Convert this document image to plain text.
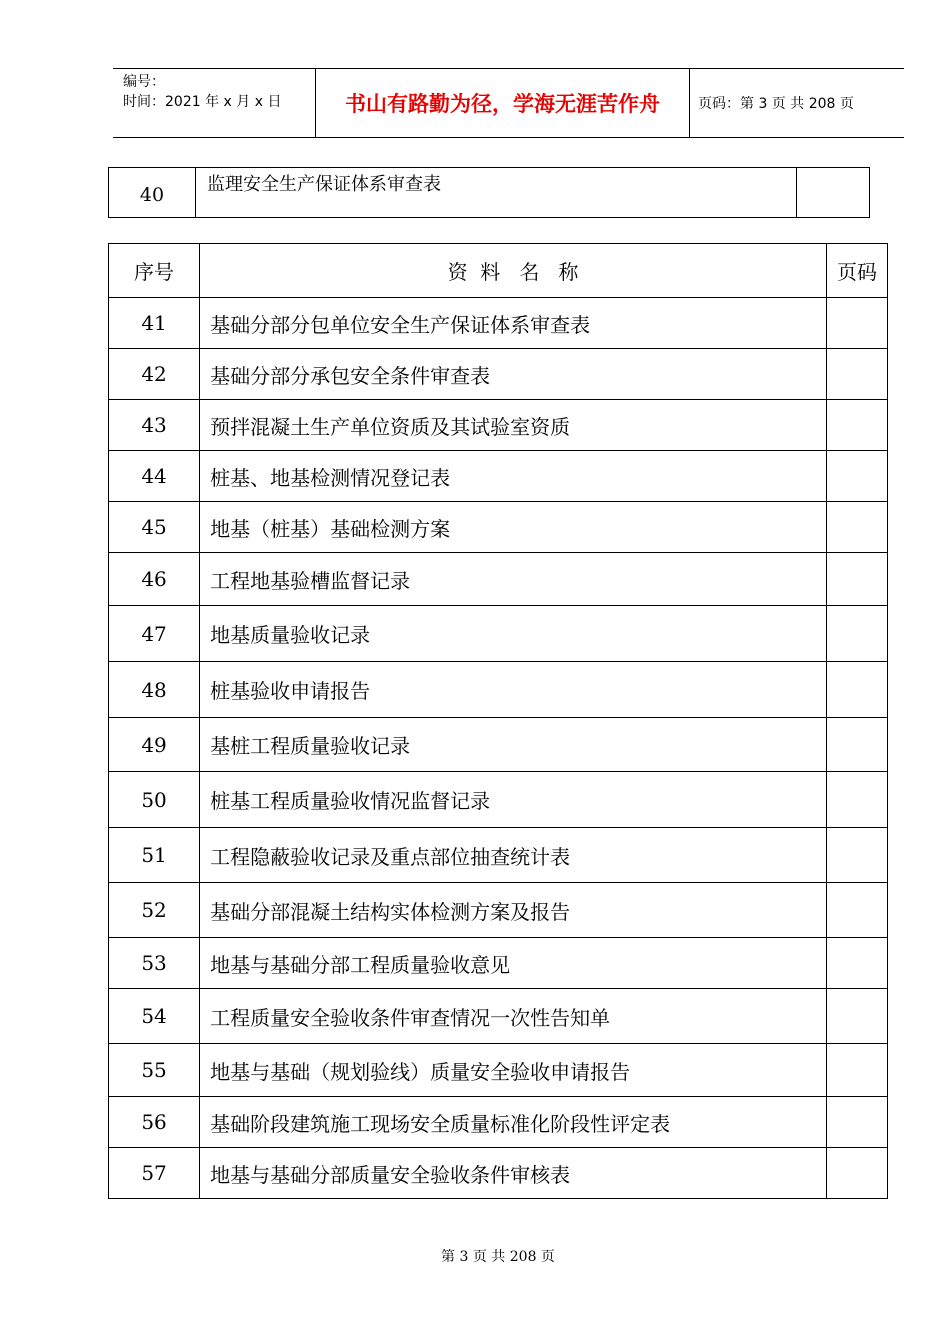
编号：
时间：2021 年 x 月 x 日	书山有路勤为径，学海无涯苦作舟	页码：第 3 页 共 208 页
40	监理安全生产保证体系审查表
序号	资  料   名   称	页码
41	基础分部分包单位安全生产保证体系审查表	
42	基础分部分承包安全条件审查表	
43	预拌混凝土生产单位资质及其试验室资质	
44	桩基、地基检测情况登记表	
45	地基（桩基）基础检测方案	
46	工程地基验槽监督记录	
47	地基质量验收记录	
48	桩基验收申请报告	
49	基桩工程质量验收记录	
50	桩基工程质量验收情况监督记录	
51	工程隐蔽验收记录及重点部位抽查统计表	
52	基础分部混凝土结构实体检测方案及报告	
53	地基与基础分部工程质量验收意见	
54	工程质量安全验收条件审查情况一次性告知单	
55	地基与基础（规划验线）质量安全验收申请报告	
56	基础阶段建筑施工现场安全质量标准化阶段性评定表	
57	地基与基础分部质量安全验收条件审核表	
第 3 页 共 208 页
